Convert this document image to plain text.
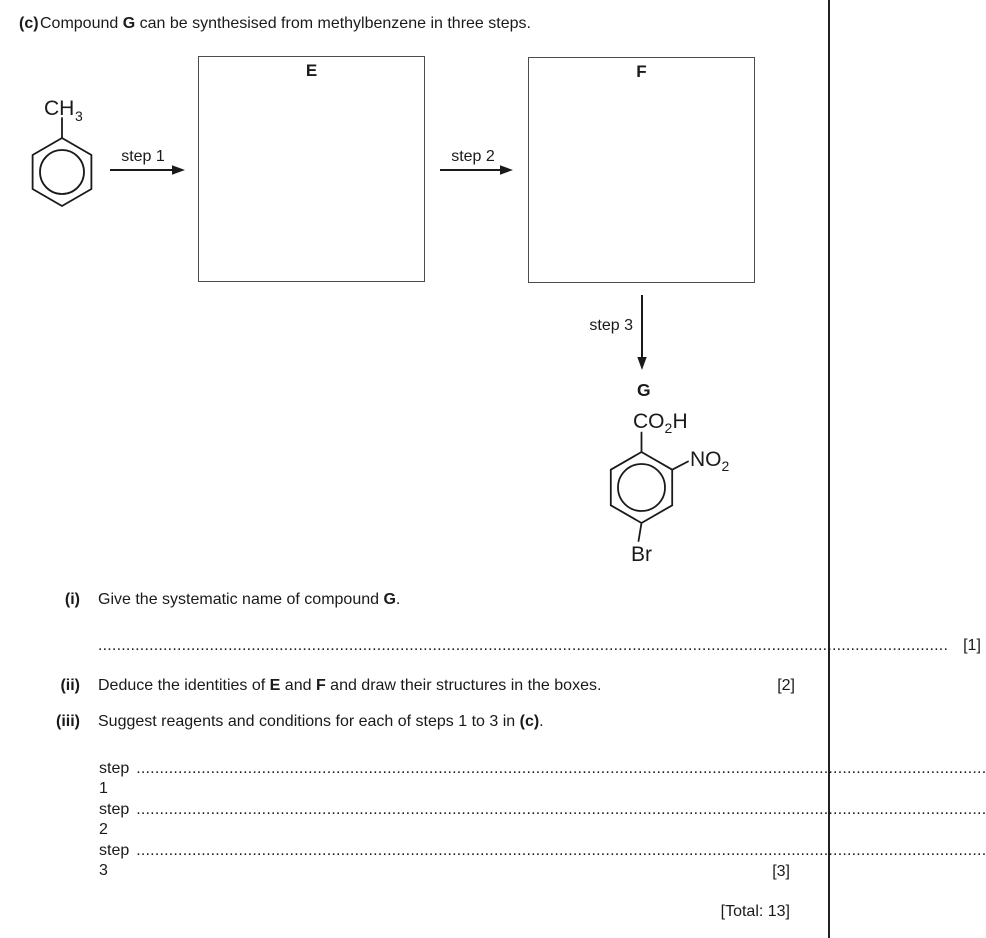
(c) Compound G can be synthesised from methylbenzene in three steps.
E	F
step 1	step 2
step 3
CH 3
G
CO 2 H
NO 2
Br
(i) Give the systematic name of compound G.
....................................................................................................................................................................................... [1]
(ii) Deduce the identities of E and F and draw their structures in the boxes.	[2]
(iii) Suggest reagents and conditions for each of steps 1 to 3 in (c).
step 1
.......................................................................................................................................................................................
step 2
.......................................................................................................................................................................................
step 3
.......................................................................................................................................................................................
[3]
[Total: 13]
